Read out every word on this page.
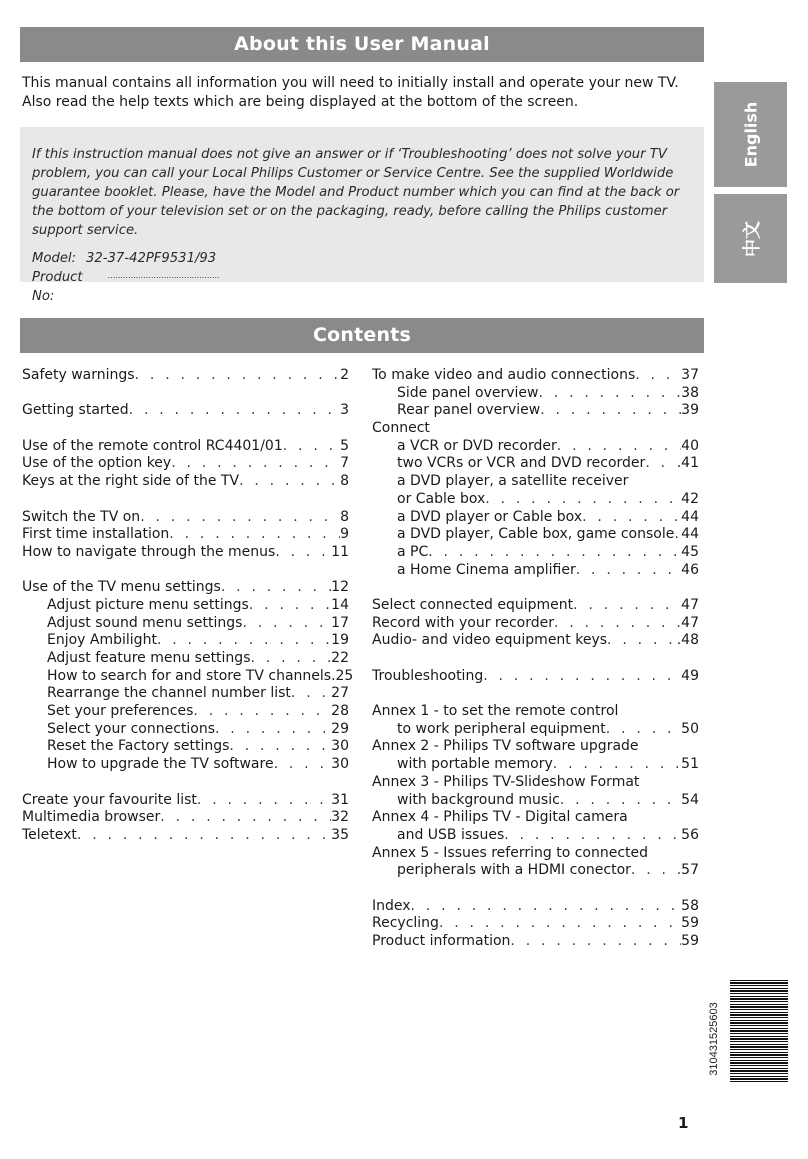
About this User Manual

This manual contains all information you will need to initially install and operate your new TV.

Also read the help texts which are being displayed at the bottom of the screen.

If this instruction manual does not give an answer or if ‘Troubleshooting’ does not solve your TV problem, you can call your Local Philips Customer or Service Centre. See the supplied Worldwide guarantee booklet. Please, have the Model and Product number which you can find at the back or the bottom of your television set or on the packaging, ready, before calling the Philips customer support service.

Model: 32-37-42PF9531/93
Product No:
............................................
English
中文
Contents
Safety warnings . . .	2
Getting started . . .	3
Use of the remote control RC4401/01 . . .	5
Use of the option key . . .	7
Keys at the right side of the TV . . .	8
Switch the TV on . . .	8
First time installation . . .	9
How to navigate through the menus . . .	11
Use of the TV menu settings . . .	12
Adjust picture menu settings . . .	14
Adjust sound menu settings . . .	17
Enjoy Ambilight . . .	19
Adjust feature menu settings . . .	22
How to search for and store TV channels .25
Rearrange the channel number list . . .	27
Set your preferences . . .	28
Select your connections . . .	29
Reset the Factory settings . . .	30
How to upgrade the TV software . . .	30
Create your favourite list . . .	31
Multimedia browser . . .	32
Teletext . . .	35
To make video and audio connections . . .	37
Side panel overview . . .	38
Rear panel overview . . .	39
Connect
a VCR or DVD recorder . . .	40
two VCRs or VCR and DVD recorder . . . .41
a DVD player, a satellite receiver
or Cable box . . .	42
a DVD player or Cable box . . .	44
a DVD player, Cable box, game console . . . 44
a PC . . .	45
a Home Cinema amplifier . . .	46
Select connected equipment . . .	47
Record with your recorder . . .	47
Audio- and video equipment keys . . .	.48
Troubleshooting . . .	49
Annex 1 - to set the remote control
to work peripheral equipment . . .	50
Annex 2 - Philips TV software upgrade
with portable memory . . .	51
Annex 3 - Philips TV-Slideshow Format
with background music . . .	54
Annex 4 - Philips TV - Digital camera
and USB issues . . .	56
Annex 5 - Issues referring to connected
peripherals with a HDMI conector . . .	57
Index . . .	58
Recycling . . .	59
Product information . . .	59
310431525603
1
